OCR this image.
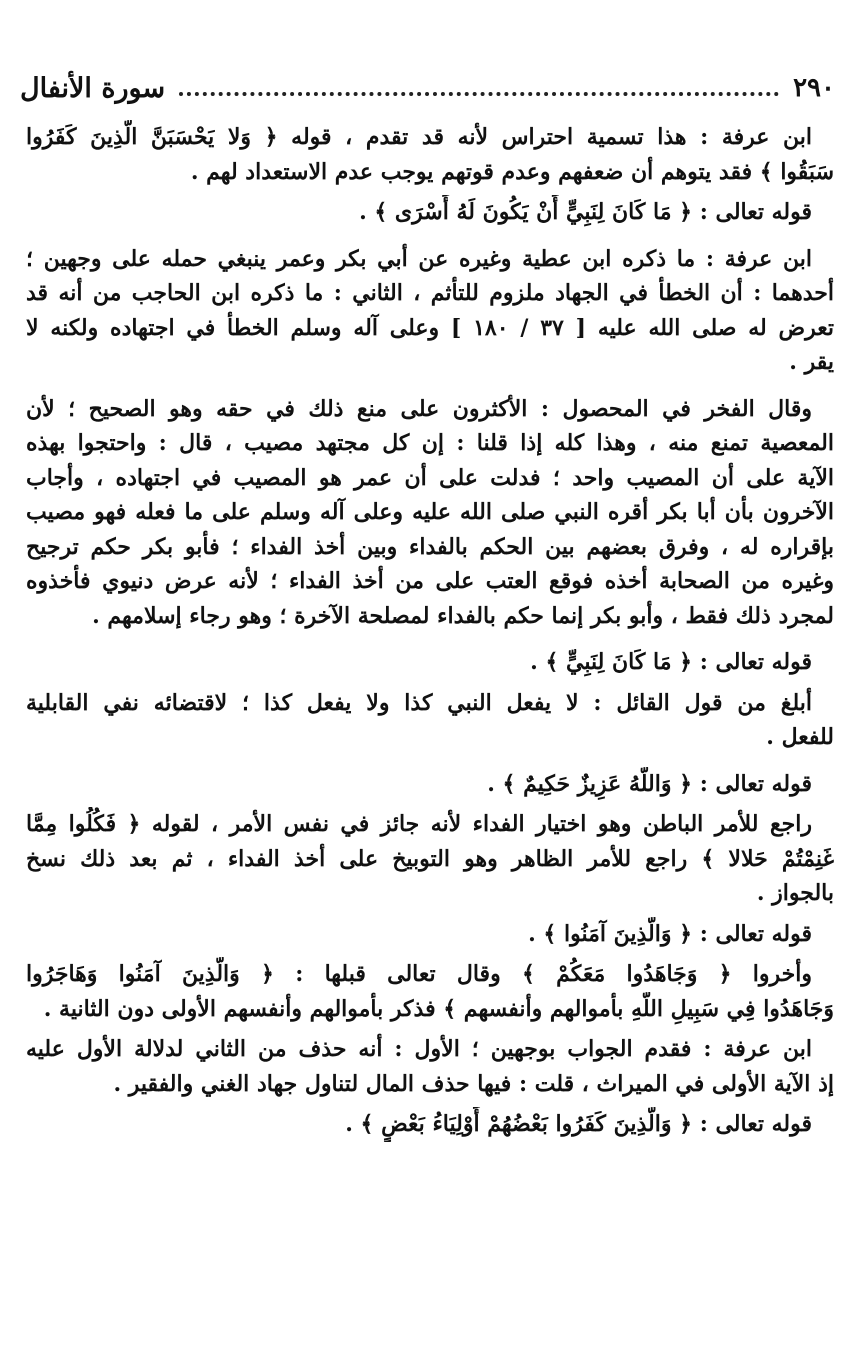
٢٩٠
سورة الأنفال
ابن عرفة : هذا تسمية احتراس لأنه قد تقدم ، قوله ﴿ وَلا يَحْسَبَنَّ الَّذِينَ كَفَرُوا
سَبَقُوا ﴾ فقد يتوهم أن ضعفهم وعدم قوتهم يوجب عدم الاستعداد لهم .
قوله تعالى : ﴿ مَا كَانَ لِنَبِيٍّ أَنْ يَكُونَ لَهُ أَسْرَى ﴾ .
ابن عرفة : ما ذكره ابن عطية وغيره عن أبي بكر وعمر ينبغي حمله على وجهين ؛
أحدهما : أن الخطأ في الجهاد ملزوم للتأثم ، الثاني : ما ذكره ابن الحاجب من أنه قد
تعرض له صلى الله عليه [ ٣٧ / ١٨٠ ] وعلى آله وسلم الخطأ في اجتهاده ولكنه لا
يقر .
وقال الفخر في المحصول : الأكثرون على منع ذلك في حقه وهو الصحيح ؛ لأن
المعصية تمنع منه ، وهذا كله إذا قلنا : إن كل مجتهد مصيب ، قال : واحتجوا بهذه
الآية على أن المصيب واحد ؛ فدلت على أن عمر هو المصيب في اجتهاده ، وأجاب
الآخرون بأن أبا بكر أقره النبي صلى الله عليه وعلى آله وسلم على ما فعله فهو مصيب
بإقراره له ، وفرق بعضهم بين الحكم بالفداء وبين أخذ الفداء ؛ فأبو بكر حكم ترجيح
وغيره من الصحابة أخذه فوقع العتب على من أخذ الفداء ؛ لأنه عرض دنيوي فأخذوه
لمجرد ذلك فقط ، وأبو بكر إنما حكم بالفداء لمصلحة الآخرة ؛ وهو رجاء إسلامهم .
قوله تعالى : ﴿ مَا كَانَ لِنَبِيٍّ ﴾ .
أبلغ من قول القائل : لا يفعل النبي كذا ولا يفعل كذا ؛ لاقتضائه نفي القابلية
للفعل .
قوله تعالى : ﴿ وَاللَّهُ عَزِيزٌ حَكِيمٌ ﴾ .
راجع للأمر الباطن وهو اختيار الفداء لأنه جائز في نفس الأمر ، لقوله ﴿ فَكُلُوا مِمَّا
غَنِمْتُمْ حَلالا ﴾ راجع للأمر الظاهر وهو التوبيخ على أخذ الفداء ، ثم بعد ذلك نسخ
بالجواز .
قوله تعالى : ﴿ وَالَّذِينَ آمَنُوا ﴾ .
وأخروا ﴿ وَجَاهَدُوا مَعَكُمْ ﴾ وقال تعالى قبلها : ﴿ وَالَّذِينَ آمَنُوا وَهَاجَرُوا
وَجَاهَدُوا فِي سَبِيلِ اللَّهِ بأموالهم وأنفسهم ﴾ فذكر بأموالهم وأنفسهم الأولى دون الثانية .
ابن عرفة : فقدم الجواب بوجهين ؛ الأول : أنه حذف من الثاني لدلالة الأول عليه
إذ الآية الأولى في الميراث ، قلت : فيها حذف المال لتناول جهاد الغني والفقير .
قوله تعالى : ﴿ وَالَّذِينَ كَفَرُوا بَعْضُهُمْ أَوْلِيَاءُ بَعْضٍ ﴾ .
